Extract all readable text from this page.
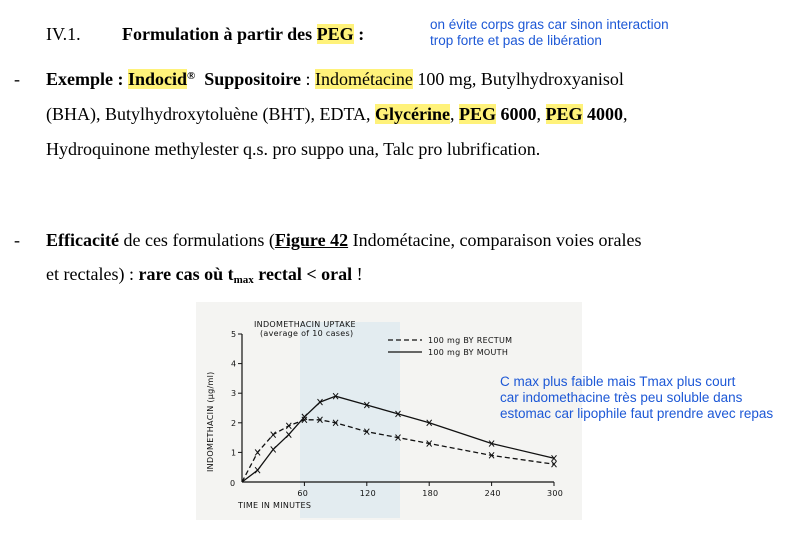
IV.1. Formulation à partir des PEG :	on évite corps gras car sinon interaction
trop forte et pas de libération
- Exemple : Indocid® Suppositoire : Indométacine 100 mg, Butylhydroxyanisol
(BHA), Butylhydroxytoluène (BHT), EDTA, Glycérine, PEG 6000, PEG 4000,
Hydroquinone methylester q.s. pro suppo una, Talc pro lubrification.
- Efficacité de ces formulations (Figure 42 Indométacine, comparaison voies orales
et rectales) : rare cas où $t_{max}$ rectal < oral !
INDOMETHACIN UPTAKE
(average of 10 cases)
TIME IN MINUTES
INDOMETHACIN (μg/ml)
0
1
2
3
4
5
60	120	180	240	300
100 mg BY RECTUM
100 mg BY MOUTH
C max plus faible mais Tmax plus court
car indomethacine très peu soluble dans
estomac car lipophile faut prendre avec repas
